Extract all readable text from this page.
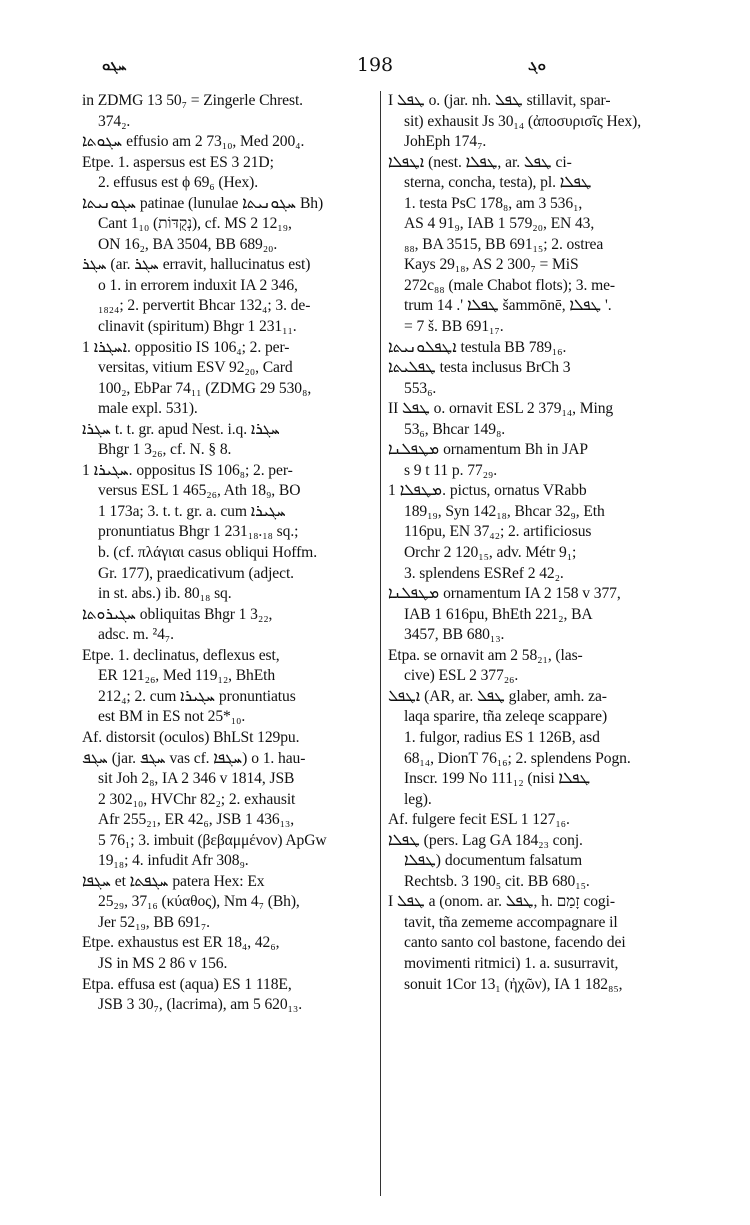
ܚܓܘ	198	ܘܓ
in ZDMG 13 50₇ = Zingerle Chrest.
374₂.
ܚܓܘܬܐ effusio am 2 73₁₀, Med 200₄.
Etpe. 1. aspersus est ES 3 21D;
2. effusus est ϕ 69₆ (Hex).
ܚܓܘܢܝܬܐ patinae (lunulae ܚܓܘܢܝܬܐ Bh)
Cant 1₁₀ (נְקֻדּוֹת), cf. MS 2 12₁₉,
ON 16₂, BA 3504, BB 689₂₀.
ܚܓܪ (ar. ܚܓܪ erravit, hallucinatus est)
o 1. in errorem induxit IA 2 346,
₁₈₂₄; 2. pervertit Bhcar 132₄; 3. de-
clinavit (spiritum) Bhgr 1 231₁₁.
ܐܚܓܪܐ 1. oppositio IS 106₄; 2. per-
versitas, vitium ESV 92₂₀, Card
100₂, EbPar 74₁₁ (ZDMG 29 530₈,
male expl. 531).
ܚܓܪܐ t. t. gr. apud Nest. i.q. ܚܓܪܐ
Bhgr 1 3₂₆, cf. N. § 8.
ܚܓܝܪܐ 1. oppositus IS 106₈; 2. per-
versus ESL 1 465₂₆, Ath 18₉, BO
1 173a; 3. t. t. gr. a. cum ܚܓܝܪܐ
pronuntiatus Bhgr 1 231₁₈.₁₈ sq.;
b. (cf. πλάγιαι casus obliqui Hoffm.
Gr. 177), praedicativum (adject.
in st. abs.) ib. 80₁₈ sq.
ܚܓܝܪܘܬܐ obliquitas Bhgr 1 3₂₂,
adsc. m. ²4₇.
Etpe. 1. declinatus, deflexus est,
ER 121₂₆, Med 119₁₂, BhEth
212₄; 2. cum ܚܓܝܪܐ pronuntiatus
est BM in ES not 25*₁₀.
Af. distorsit (oculos) BhLSt 129pu.
ܚܓܦ (jar. ܚܓܦ vas cf. ܚܓܦܐ) o 1. hau-
sit Joh 2₈, IA 2 346 v 1814, JSB
2 302₁₀, HVChr 82₂; 2. exhausit
Afr 255₂₁, ER 42₆, JSB 1 436₁₃,
5 76₁; 3. imbuit (βεβαμμένον) ApGw
19₁₈; 4. infudit Afr 308₉.
ܚܓܦܐ et ܚܓܦܬܐ patera Hex: Ex
25₂₉, 37₁₆ (κύαθος), Nm 4₇ (Bh),
Jer 52₁₉, BB 691₇.
Etpe. exhaustus est ER 18₄, 42₆,
JS in MS 2 86 v 156.
Etpa. effusa est (aqua) ES 1 118E,
JSB 3 30₇, (lacrima), am 5 620₁₃.
I ܛܦܠ o. (jar. nh. ܛܦܠ stillavit, spar-
sit) exhausit Js 30₁₄ (ἀποσυρισῖς Hex),
JohEph 174₇.
ܐܛܦܠܐ (nest. ܛܦܠܐ, ar. ܛܦܠ ci-
sterna, concha, testa), pl. ܛܦܠܐ
1. testa PsC 178₈, am 3 536₁,
AS 4 91₉, IAB 1 579₂₀, EN 43,
₈₈, BA 3515, BB 691₁₅; 2. ostrea
Kays 29₁₈, AS 2 300₇ = MiS
272c₈₈ (male Chabot flots); 3. me-
trum ܛܦܠܐ '. 14 šammōnē, ܛܦܠܐ '.
= 7 š. BB 691₁₇.
ܐܛܦܠܘܢܝܬܐ testula BB 789₁₆.
ܛܦܠܝܬܐ testa inclusus BrCh 3
553₆.
II ܛܦܠ o. ornavit ESL 2 379₁₄, Ming
53₆, Bhcar 149₈.
ܡܛܦܠܢܐ ornamentum Bh in JAP
s 9 t 11 p. 77₂₉.
ܡܛܦܠܐ 1. pictus, ornatus VRabb
189₁₉, Syn 142₁₈, Bhcar 32₉, Eth
116pu, EN 37₄₂; 2. artificiosus
Orchr 2 120₁₅, adv. Métr 9₁;
3. splendens ESRef 2 42₂.
ܡܛܦܠܢܐ ornamentum IA 2 158 v 377,
IAB 1 616pu, BhEth 221₂, BA
3457, BB 680₁₃.
Etpa. se ornavit am 2 58₂₁, (las-
cive) ESL 2 377₂₆.
ܐܛܦܠ (AR, ar. ܛܦܠ glaber, amh. za-
laqa sparire, tña zeleqe scappare)
1. fulgor, radius ES 1 126B, asd
68₁₄, DionT 76₁₆; 2. splendens Pogn.
Inscr. 199 No 111₁₂ (nisi ܛܦܠܐ
leg).
Af. fulgere fecit ESL 1 127₁₆.
ܛܦܠܐ (pers. Lag GA 184₂₃ conj.
ܛܦܠܐ) documentum falsatum
Rechtsb. 3 190₅ cit. BB 680₁₅.
I ܛܦܠ a (onom. ar. ܛܦܠ, h. זָמַם cogi-
tavit, tña zememe accompagnare il
canto santo col bastone, facendo dei
movimenti ritmici) 1. a. susurravit,
sonuit 1Cor 13₁ (ἠχῶν), IA 1 182₈₅,
